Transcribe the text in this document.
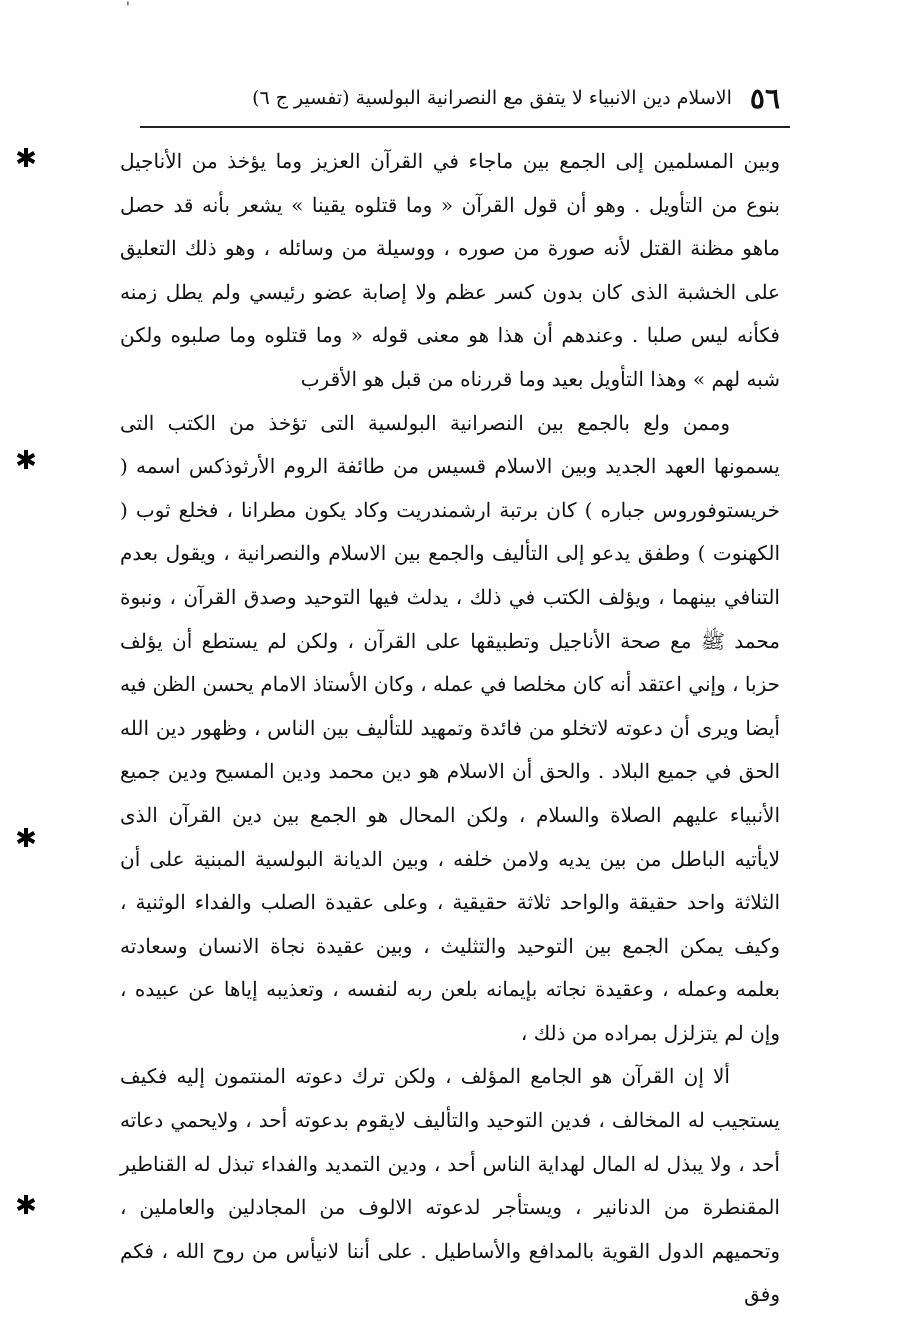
'
٥٦
الاسلام دين الانبياء لا يتفق مع النصرانية البولسية (تفسير ج ٦)

وبين المسلمين إلى الجمع بين ماجاء في القرآن العزيز وما يؤخذ من الأناجيل بنوع من التأويل . وهو أن قول القرآن « وما قتلوه يقينا » يشعر بأنه قد حصل ماهو مظنة القتل لأنه صورة من صوره ، ووسيلة من وسائله ، وهو ذلك التعليق على الخشبة الذى كان بدون كسر عظم ولا إصابة عضو رئيسي ولم يطل زمنه فكأنه ليس صلبا . وعندهم أن هذا هو معنى قوله « وما قتلوه وما صلبوه ولكن شبه لهم » وهذا التأويل بعيد وما قررناه من قبل هو الأقرب

وممن ولع بالجمع بين النصرانية البولسية التى تؤخذ من الكتب التى يسمونها العهد الجديد وبين الاسلام قسيس من طائفة الروم الأرثوذكس اسمه ( خريستوفوروس جباره ) كان برتبة ارشمندريت وكاد يكون مطرانا ، فخلع ثوب ( الكهنوت ) وطفق يدعو إلى التأليف والجمع بين الاسلام والنصرانية ، ويقول بعدم التنافي بينهما ، ويؤلف الكتب في ذلك ، يدلث فيها التوحيد وصدق القرآن ، ونبوة محمد ﷺ مع صحة الأناجيل وتطبيقها على القرآن ، ولكن لم يستطع أن يؤلف حزبا ، وإني اعتقد أنه كان مخلصا في عمله ، وكان الأستاذ الامام يحسن الظن فيه أيضا ويرى أن دعوته لاتخلو من فائدة وتمهيد للتأليف بين الناس ، وظهور دين الله الحق في جميع البلاد . والحق أن الاسلام هو دين محمد ودين المسيح ودين جميع الأنبياء عليهم الصلاة والسلام ، ولكن المحال هو الجمع بين دين القرآن الذى لايأتيه الباطل من بين يديه ولامن خلفه ، وبين الديانة البولسية المبنية على أن الثلاثة واحد حقيقة والواحد ثلاثة حقيقية ، وعلى عقيدة الصلب والفداء الوثنية ، وكيف يمكن الجمع بين التوحيد والتثليث ، وبين عقيدة نجاة الانسان وسعادته بعلمه وعمله ، وعقيدة نجاته بإيمانه بلعن ربه لنفسه ، وتعذيبه إياها عن عبيده ، وإن لم يتزلزل بمراده من ذلك ،

ألا إن القرآن هو الجامع المؤلف ، ولكن ترك دعوته المنتمون إليه فكيف يستجيب له المخالف ، فدين التوحيد والتأليف لايقوم بدعوته أحد ، ولايحمي دعاته أحد ، ولا يبذل له المال لهداية الناس أحد ، ودين التمديد والفداء تبذل له القناطير المقنطرة من الدنانير ، ويستأجر لدعوته الالوف من المجادلين والعاملين ، وتحميهم الدول القوية بالمدافع والأساطيل . على أننا لانيأس من روح الله ، فكم وفق

✱
✱
✱
✱
